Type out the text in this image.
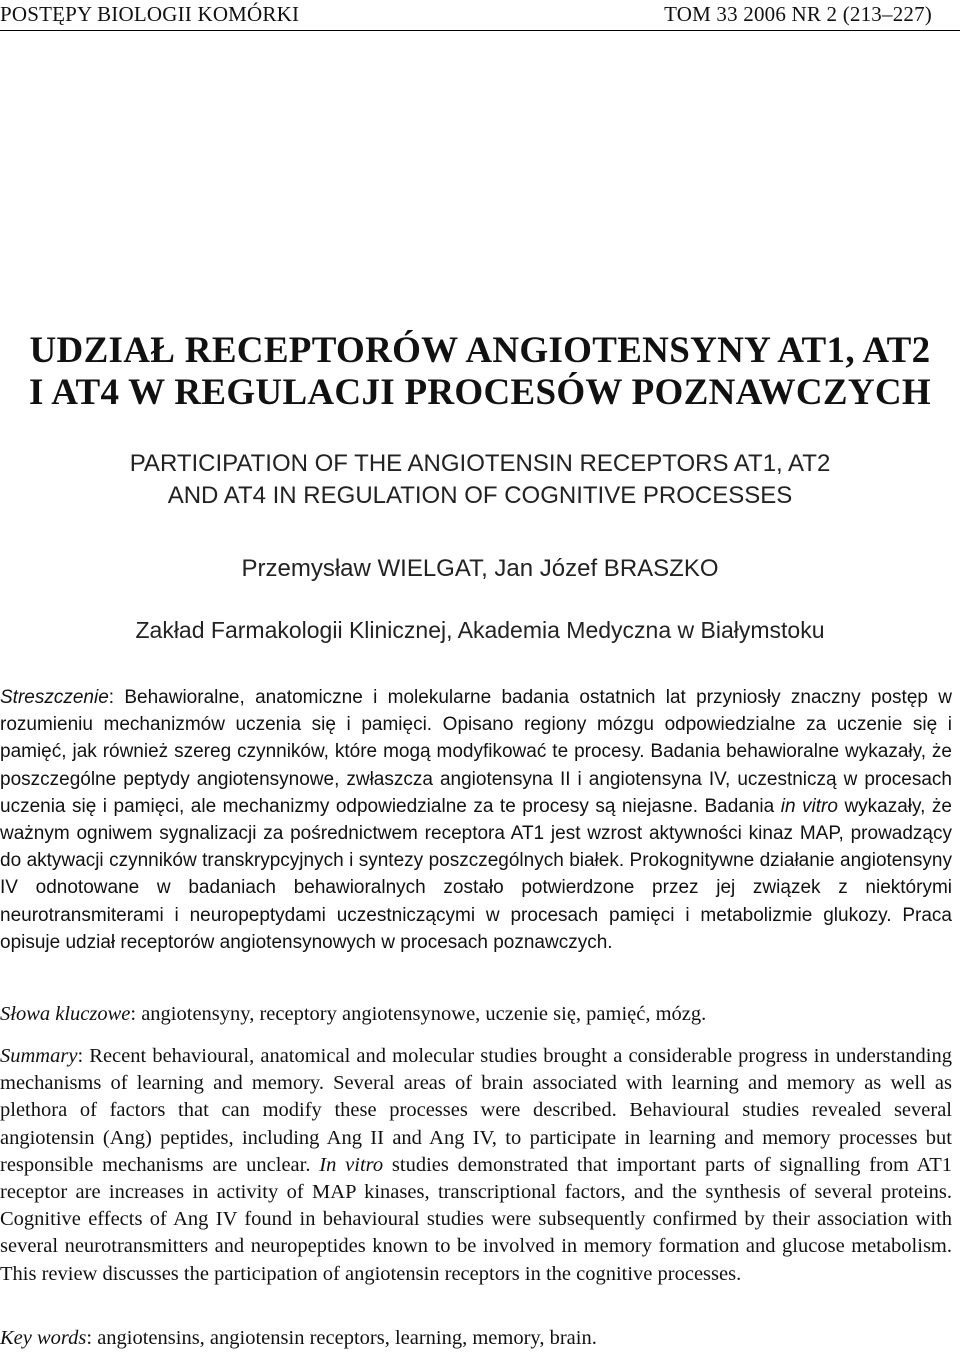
POSTĘPY BIOLOGII KOMÓRKI	TOM 33 2006 NR 2 (213–227)
UDZIAŁ RECEPTORÓW ANGIOTENSYNY AT1, AT2
I AT4 W REGULACJI PROCESÓW POZNAWCZYCH
PARTICIPATION OF THE ANGIOTENSIN RECEPTORS AT1, AT2
AND AT4 IN REGULATION OF COGNITIVE PROCESSES
Przemysław WIELGAT, Jan Józef BRASZKO
Zakład Farmakologii Klinicznej, Akademia Medyczna w Białymstoku
Streszczenie: Behawioralne, anatomiczne i molekularne badania ostatnich lat przyniosły znaczny postęp w rozumieniu mechanizmów uczenia się i pamięci. Opisano regiony mózgu odpowiedzialne za uczenie się i pamięć, jak również szereg czynników, które mogą modyfikować te procesy. Badania behawioralne wykazały, że poszczególne peptydy angiotensynowe, zwłaszcza angiotensyna II i angiotensyna IV, uczestniczą w procesach uczenia się i pamięci, ale mechanizmy odpowiedzialne za te procesy są niejasne. Badania in vitro wykazały, że ważnym ogniwem sygnalizacji za pośrednictwem receptora AT1 jest wzrost aktywności kinaz MAP, prowadzący do aktywacji czynników transkrypcyjnych i syntezy poszczególnych białek. Prokognitywne działanie angiotensyny IV odnotowane w badaniach behawioralnych zostało potwierdzone przez jej związek z niektórymi neurotransmiterami i neuropeptydami uczestniczącymi w procesach pamięci i metabolizmie glukozy. Praca opisuje udział receptorów angiotensynowych w procesach poznawczych.
Słowa kluczowe: angiotensyny, receptory angiotensynowe, uczenie się, pamięć, mózg.
Summary: Recent behavioural, anatomical and molecular studies brought a considerable progress in understanding mechanisms of learning and memory. Several areas of brain associated with learning and memory as well as plethora of factors that can modify these processes were described. Behavioural studies revealed several angiotensin (Ang) peptides, including Ang II and Ang IV, to participate in learning and memory processes but responsible mechanisms are unclear. In vitro studies demonstrated that important parts of signalling from AT1 receptor are increases in activity of MAP kinases, transcriptional factors, and the synthesis of several proteins. Cognitive effects of Ang IV found in behavioural studies were subsequently confirmed by their association with several neurotransmitters and neuropeptides known to be involved in memory formation and glucose metabolism. This review discusses the participation of angiotensin receptors in the cognitive processes.
Key words: angiotensins, angiotensin receptors, learning, memory, brain.
